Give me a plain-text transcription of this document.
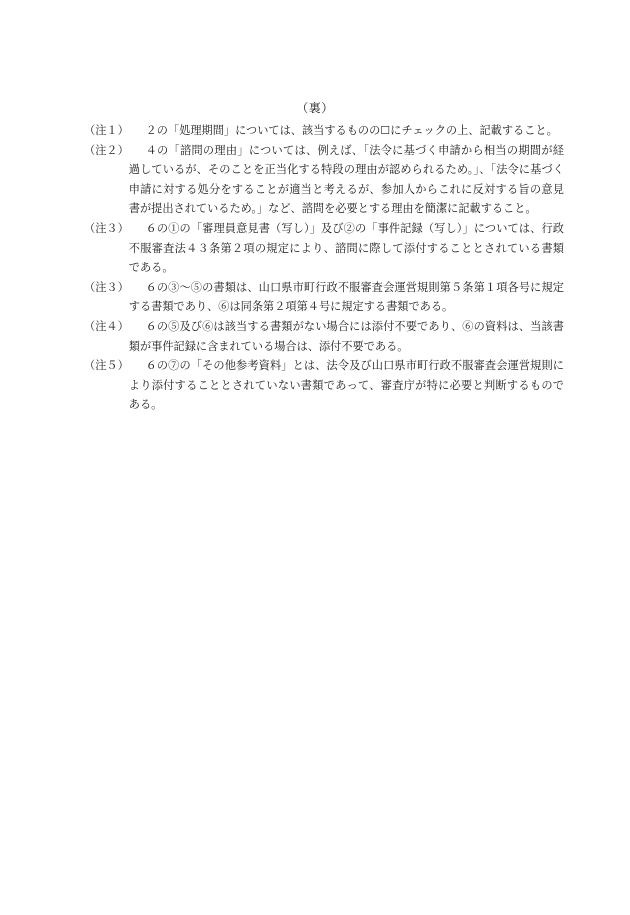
（裏）
（注１）	２の「処理期間」については、該当するものの☐にチェックの上、記載すること。
（注２）	４の「諮問の理由」については、例えば、「法令に基づく申請から相当の期間が経過しているが、そのことを正当化する特段の理由が認められるため。」、「法令に基づく申請に対する処分をすることが適当と考えるが、参加人からこれに反対する旨の意見書が提出されているため。」など、諮問を必要とする理由を簡潔に記載すること。
（注３）	６の①の「審理員意見書（写し）」及び②の「事件記録（写し）」については、行政不服審査法４３条第２項の規定により、諮問に際して添付することとされている書類である。
（注３）	６の③～⑤の書類は、山口県市町行政不服審査会運営規則第５条第１項各号に規定する書類であり、⑥は同条第２項第４号に規定する書類である。
（注４）	６の⑤及び⑥は該当する書類がない場合には添付不要であり、⑥の資料は、当該書類が事件記録に含まれている場合は、添付不要である。
（注５）	６の⑦の「その他参考資料」とは、法令及び山口県市町行政不服審査会運営規則により添付することとされていない書類であって、審査庁が特に必要と判断するものである。
